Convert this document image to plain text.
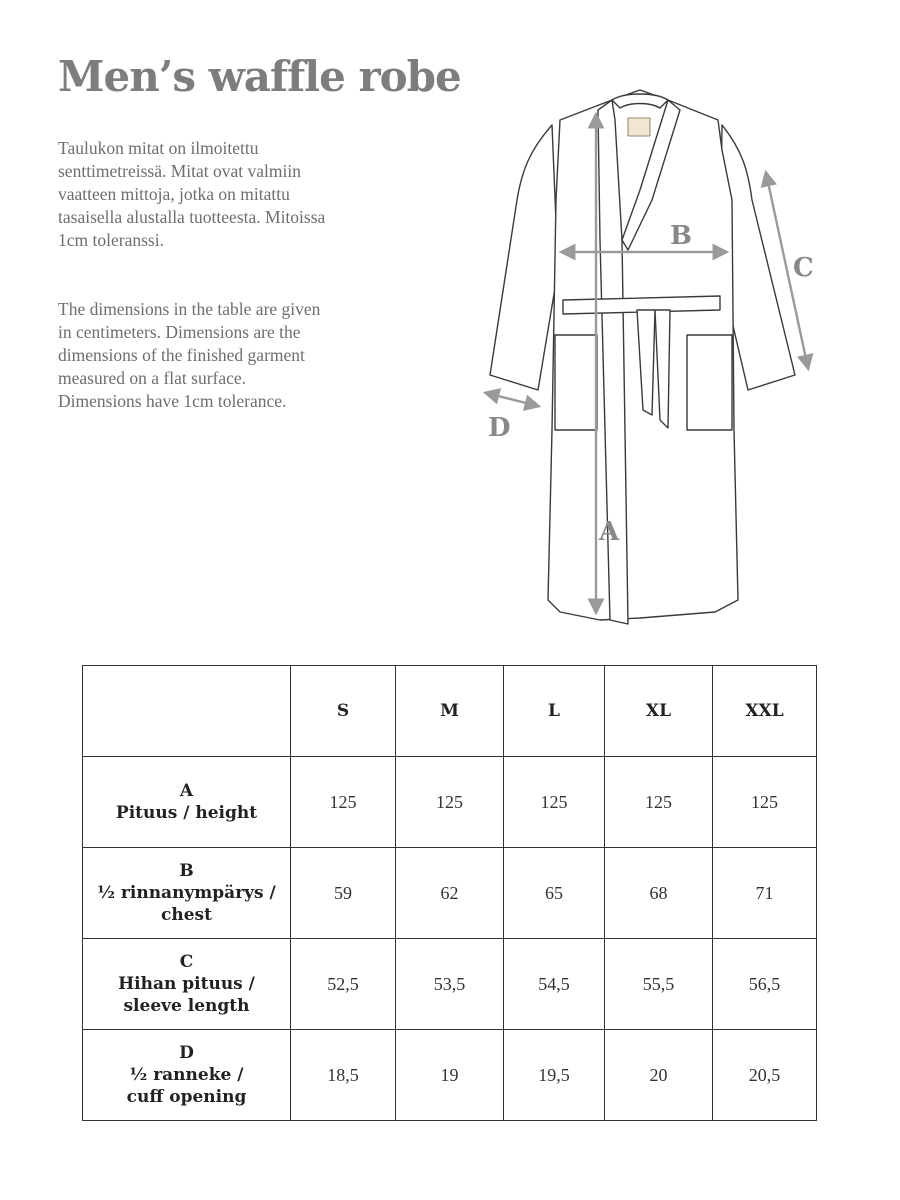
Men’s waffle robe
Taulukon mitat on ilmoitettu
senttimetreissä. Mitat ovat valmiin
vaatteen mittoja, jotka on mitattu
tasaisella alustalla tuotteesta. Mitoissa
1cm toleranssi.
The dimensions in the table are given
in centimeters. Dimensions are the
dimensions of the finished garment
measured on a flat surface.
Dimensions have 1cm tolerance.
A
B
C
D
	S	M	L	XL	XXL

A
Pituus / height	125	125	125	125	125

B
½ rinnanympärys /
chest	59	62	65	68	71

C
Hihan pituus /
sleeve length	52,5	53,5	54,5	55,5	56,5

D
½ ranneke /
cuff opening	18,5	19	19,5	20	20,5
